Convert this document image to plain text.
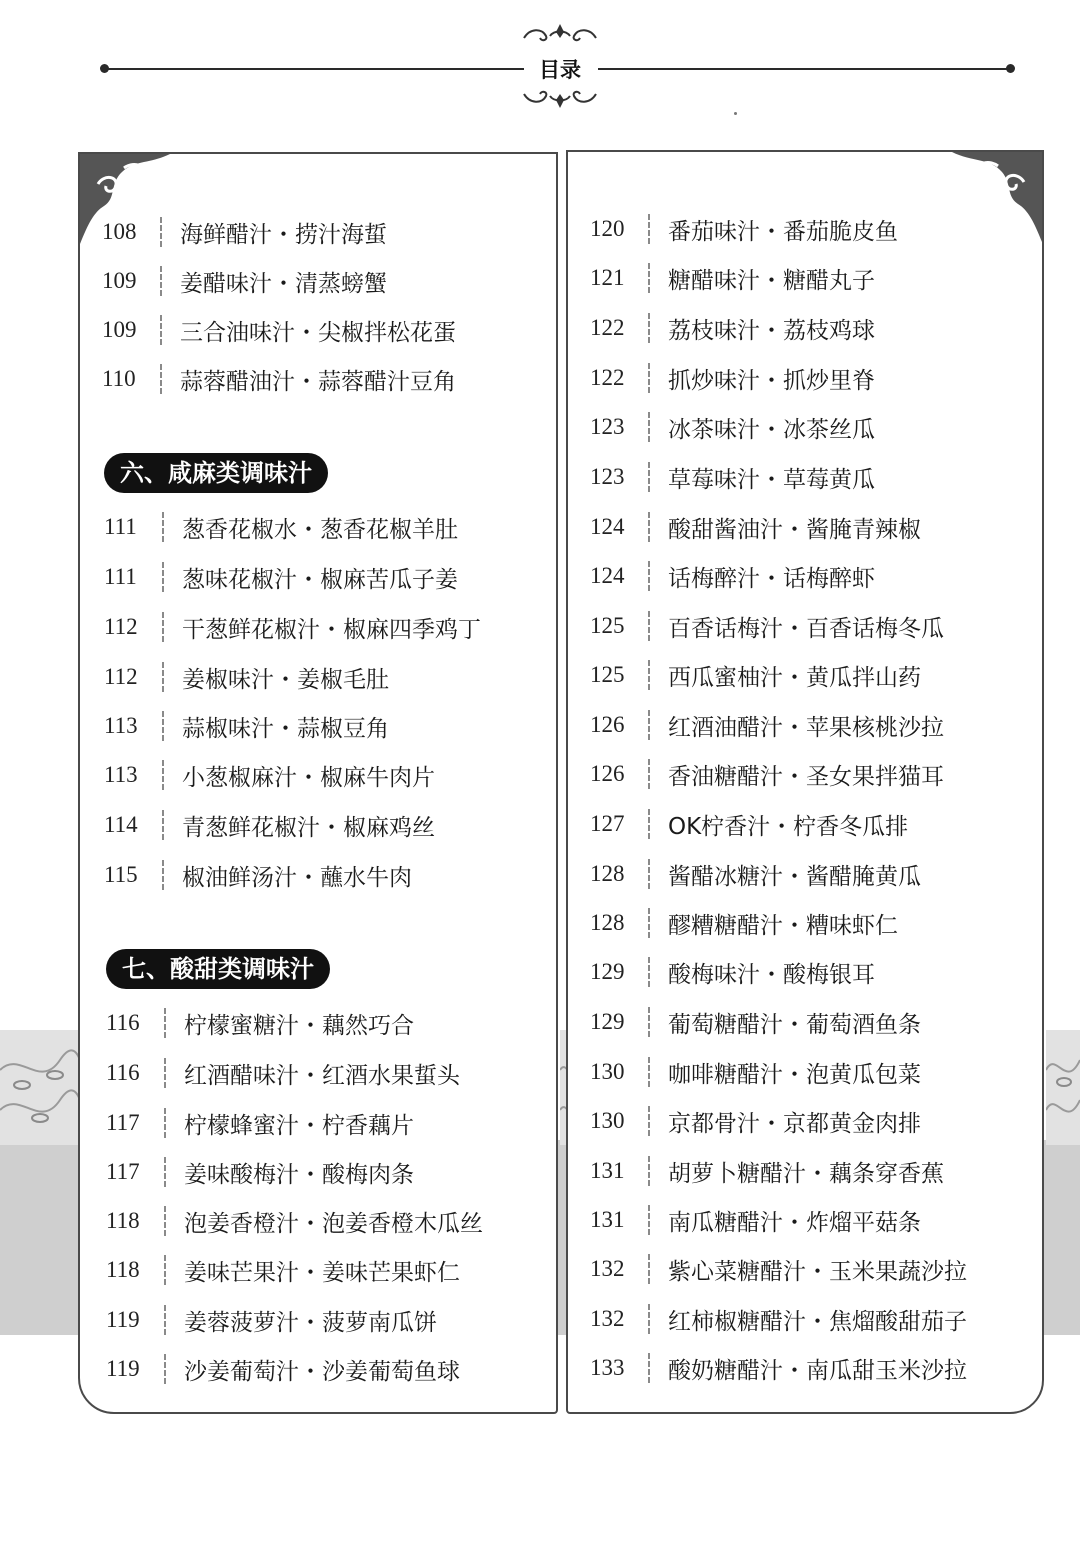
目录
六、咸麻类调味汁
七、酸甜类调味汁
108	海鲜醋汁・捞汁海蜇
109	姜醋味汁・清蒸螃蟹
109	三合油味汁・尖椒拌松花蛋
110	蒜蓉醋油汁・蒜蓉醋汁豆角
111	葱香花椒水・葱香花椒羊肚
111	葱味花椒汁・椒麻苦瓜子姜
112	干葱鲜花椒汁・椒麻四季鸡丁
112	姜椒味汁・姜椒毛肚
113	蒜椒味汁・蒜椒豆角
113	小葱椒麻汁・椒麻牛肉片
114	青葱鲜花椒汁・椒麻鸡丝
115	椒油鲜汤汁・蘸水牛肉
116	柠檬蜜糖汁・藕然巧合
116	红酒醋味汁・红酒水果蜇头
117	柠檬蜂蜜汁・柠香藕片
117	姜味酸梅汁・酸梅肉条
118	泡姜香橙汁・泡姜香橙木瓜丝
118	姜味芒果汁・姜味芒果虾仁
119	姜蓉菠萝汁・菠萝南瓜饼
119	沙姜葡萄汁・沙姜葡萄鱼球
120	番茄味汁・番茄脆皮鱼
121	糖醋味汁・糖醋丸子
122	荔枝味汁・荔枝鸡球
122	抓炒味汁・抓炒里脊
123	冰茶味汁・冰茶丝瓜
123	草莓味汁・草莓黄瓜
124	酸甜酱油汁・酱腌青辣椒
124	话梅醉汁・话梅醉虾
125	百香话梅汁・百香话梅冬瓜
125	西瓜蜜柚汁・黄瓜拌山药
126	红酒油醋汁・苹果核桃沙拉
126	香油糖醋汁・圣女果拌猫耳
127	OK柠香汁・柠香冬瓜排
128	酱醋冰糖汁・酱醋腌黄瓜
128	醪糟糖醋汁・糟味虾仁
129	酸梅味汁・酸梅银耳
129	葡萄糖醋汁・葡萄酒鱼条
130	咖啡糖醋汁・泡黄瓜包菜
130	京都骨汁・京都黄金肉排
131	胡萝卜糖醋汁・藕条穿香蕉
131	南瓜糖醋汁・炸熘平菇条
132	紫心菜糖醋汁・玉米果蔬沙拉
132	红柿椒糖醋汁・焦熘酸甜茄子
133	酸奶糖醋汁・南瓜甜玉米沙拉
